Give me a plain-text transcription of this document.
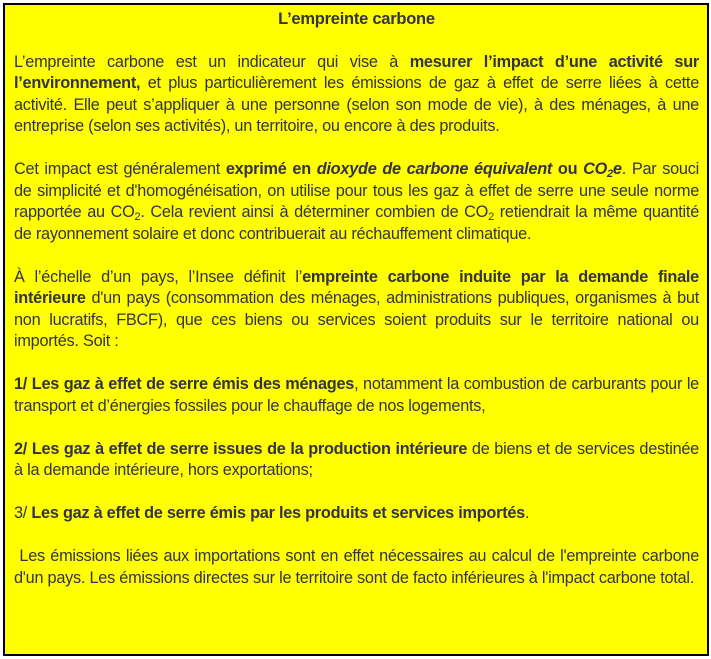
L’empreinte carbone

L’empreinte carbone est un indicateur qui vise à mesurer l’impact d’une activité sur l’environnement, et plus particulièrement les émissions de gaz à effet de serre liées à cette activité. Elle peut s’appliquer à une personne (selon son mode de vie), à des ménages, à une entreprise (selon ses activités), un territoire, ou encore à des produits.

Cet impact est généralement exprimé en dioxyde de carbone équivalent ou $CO_2e$. Par souci de simplicité et d'homogénéisation, on utilise pour tous les gaz à effet de serre une seule norme rapportée au $CO_2$. Cela revient ainsi à déterminer combien de $CO_2$ retiendrait la même quantité de rayonnement solaire et donc contribuerait au réchauffement climatique.

À l’échelle d’un pays, l’Insee définit l’empreinte carbone induite par la demande finale intérieure d'un pays (consommation des ménages, administrations publiques, organismes à but non lucratifs, FBCF), que ces biens ou services soient produits sur le territoire national ou importés. Soit :

1/ Les gaz à effet de serre émis des ménages, notamment la combustion de carburants pour le transport et d’énergies fossiles pour le chauffage de nos logements,

2/ Les gaz à effet de serre issues de la production intérieure de biens et de services destinée à la demande intérieure, hors exportations;

3/ Les gaz à effet de serre émis par les produits et services importés.

Les émissions liées aux importations sont en effet nécessaires au calcul de l'empreinte carbone d'un pays. Les émissions directes sur le territoire sont de facto inférieures à l'impact carbone total.
